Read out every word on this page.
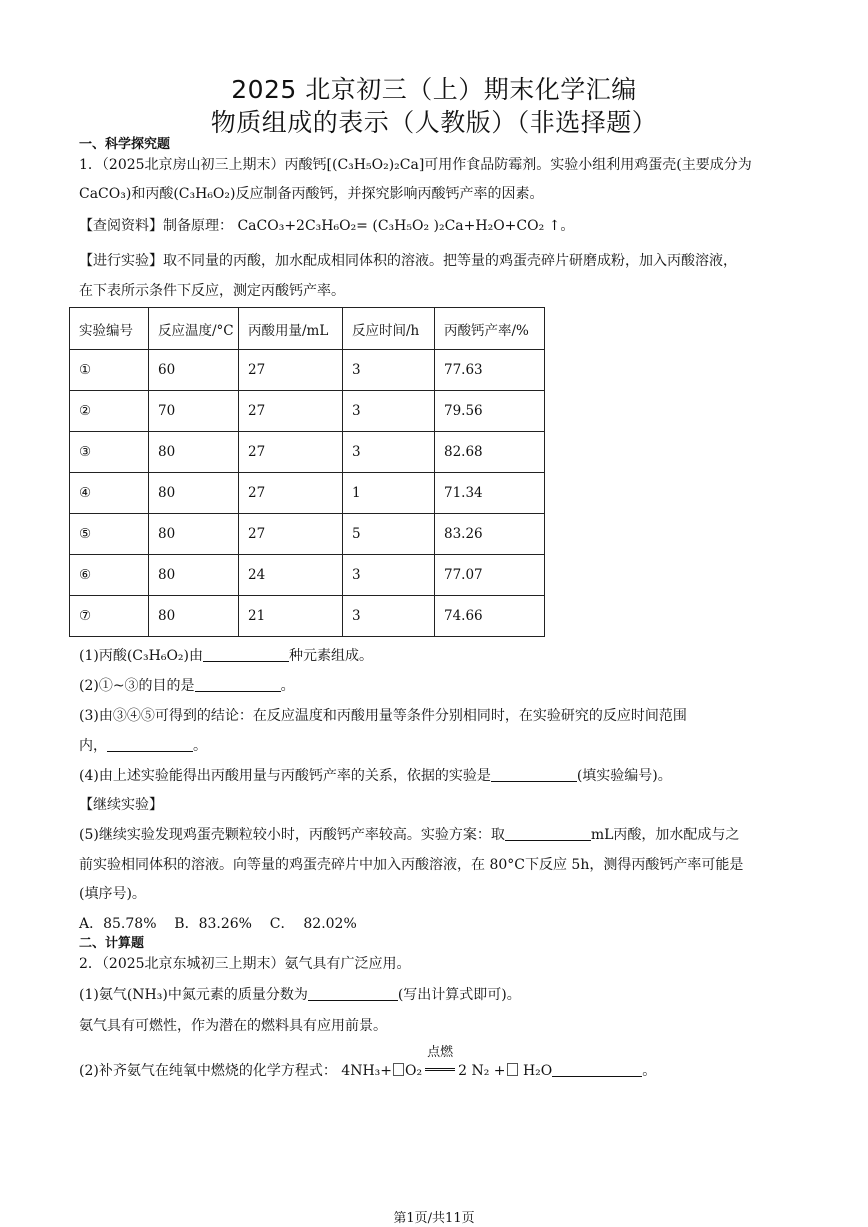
2025 北京初三（上）期末化学汇编
物质组成的表示（人教版）（非选择题）
一、科学探究题
1．（2025北京房山初三上期末）丙酸钙[(C₃H₅O₂)₂Ca]可用作食品防霉剂。实验小组利用鸡蛋壳(主要成分为
CaCO₃)和丙酸(C₃H₆O₂)反应制备丙酸钙，并探究影响丙酸钙产率的因素。
【查阅资料】制备原理： CaCO₃+2C₃H₆O₂= (C₃H₅O₂ )₂Ca+H₂O+CO₂ ↑。
【进行实验】取不同量的丙酸，加水配成相同体积的溶液。把等量的鸡蛋壳碎片研磨成粉，加入丙酸溶液，
在下表所示条件下反应，测定丙酸钙产率。
实验编号	反应温度/°C	丙酸用量/mL	反应时间/h	丙酸钙产率/%
①	60	27	3	77.63
②	70	27	3	79.56
③	80	27	3	82.68
④	80	27	1	71.34
⑤	80	27	5	83.26
⑥	80	24	3	77.07
⑦	80	21	3	74.66
(1)丙酸(C₃H₆O₂)由	种元素组成。
(2)①~③的目的是	。
(3)由③④⑤可得到的结论：在反应温度和丙酸用量等条件分别相同时，在实验研究的反应时间范围
内，	。
(4)由上述实验能得出丙酸用量与丙酸钙产率的关系，依据的实验是	(填实验编号)。
【继续实验】
(5)继续实验发现鸡蛋壳颗粒较小时，丙酸钙产率较高。实验方案：取	mL丙酸，加水配成与之
前实验相同体积的溶液。向等量的鸡蛋壳碎片中加入丙酸溶液，在 80°C下反应 5h，测得丙酸钙产率可能是
(填序号)。
A．85.78%    B．83.26%    C．  82.02%
二、计算题
2．（2025北京东城初三上期末）氨气具有广泛应用。
(1)氨气(NH₃)中氮元素的质量分数为	(写出计算式即可)。
氨气具有可燃性，作为潜在的燃料具有应用前景。
(2)补齐氨气在纯氧中燃烧的化学方程式： 4NH₃+ O₂
点燃
2 N₂ + H₂O	。
第1页/共11页
